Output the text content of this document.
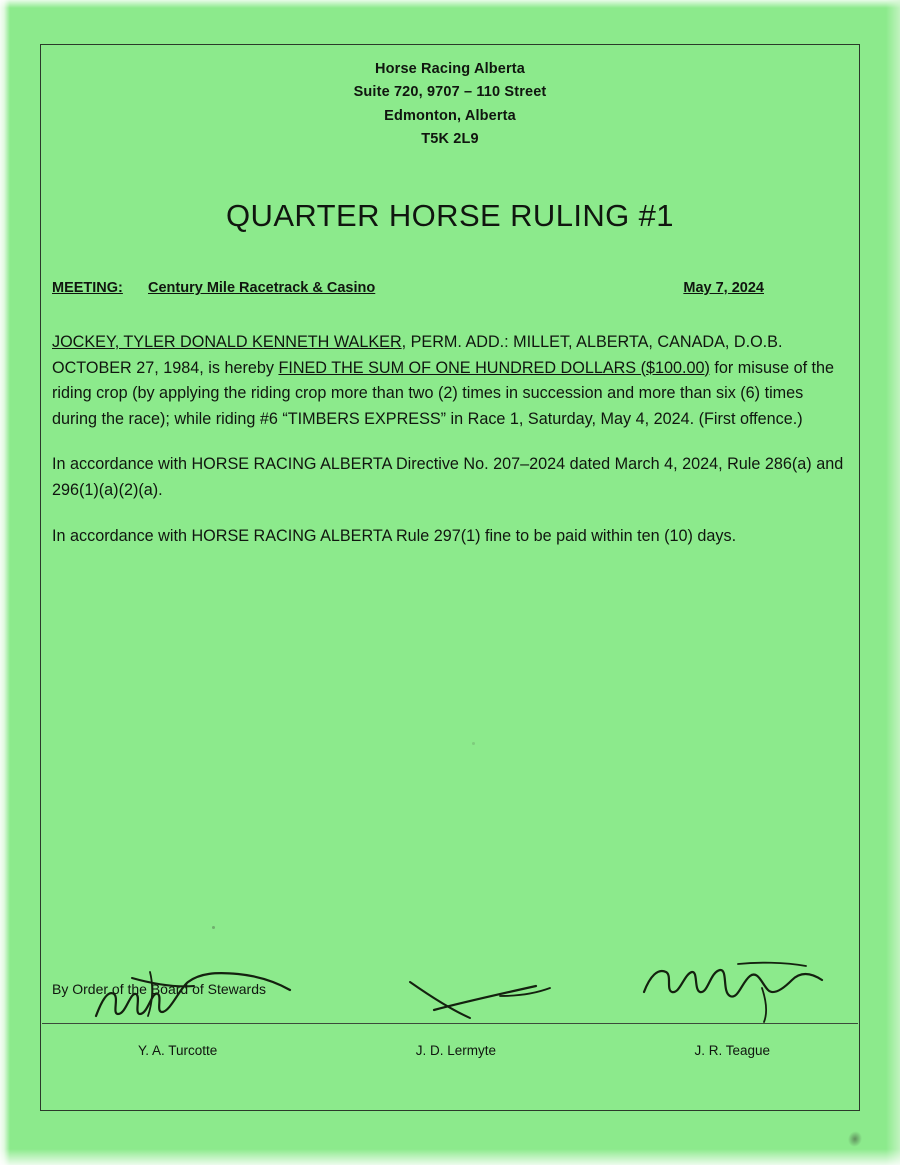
Horse Racing Alberta
Suite 720, 9707 – 110 Street
Edmonton, Alberta
T5K 2L9
QUARTER HORSE RULING #1
MEETING:	Century Mile Racetrack & Casino	May 7, 2024

JOCKEY, TYLER DONALD KENNETH WALKER, PERM. ADD.: MILLET, ALBERTA, CANADA, D.O.B. OCTOBER 27, 1984, is hereby FINED THE SUM OF ONE HUNDRED DOLLARS ($100.00) for misuse of the riding crop (by applying the riding crop more than two (2) times in succession and more than six (6) times during the race); while riding #6 “TIMBERS EXPRESS” in Race 1, Saturday, May 4, 2024. (First offence.)

In accordance with HORSE RACING ALBERTA Directive No. 207–2024 dated March 4, 2024, Rule 286(a) and 296(1)(a)(2)(a).

In accordance with HORSE RACING ALBERTA Rule 297(1) fine to be paid within ten (10) days.

By Order of the Board of Stewards
Y. A. Turcotte	J. D. Lermyte	J. R. Teague
